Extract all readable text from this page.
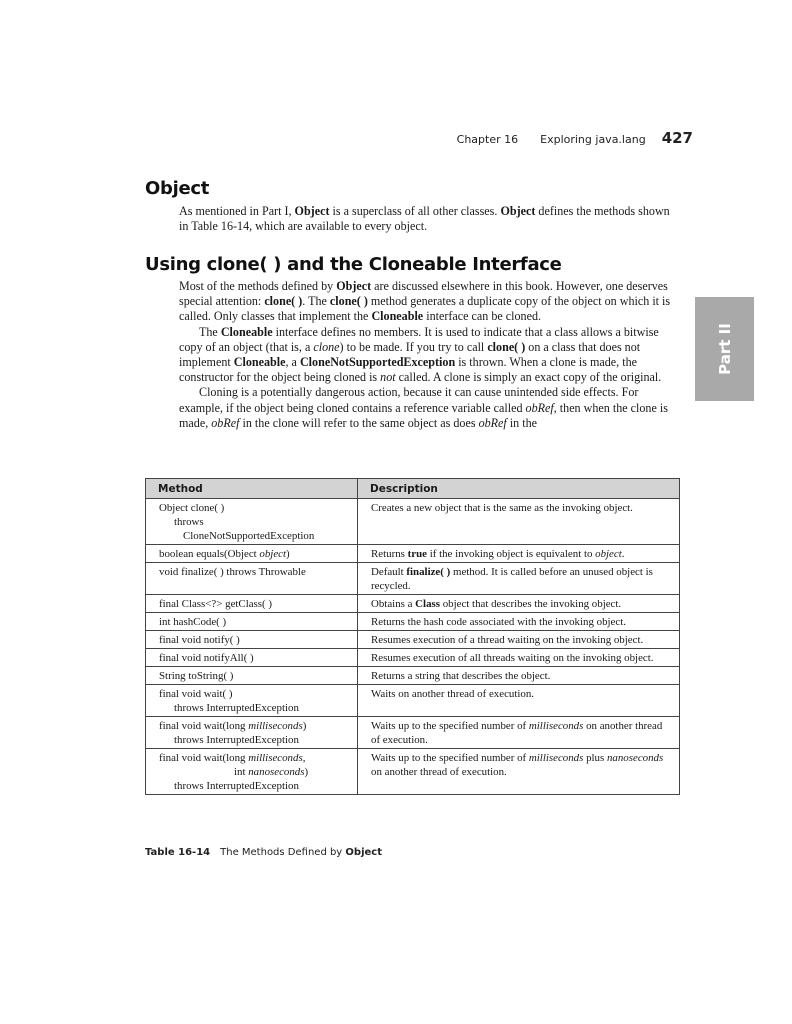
Chapter 16 Exploring java.lang 427
Part II
Object

As mentioned in Part I, Object is a superclass of all other classes. Object defines the methods shown in Table 16-14, which are available to every object.

Using clone( ) and the Cloneable Interface
Most of the methods defined by Object are discussed elsewhere in this book. However, one deserves special attention: clone( ). The clone( ) method generates a duplicate copy of the object on which it is called. Only classes that implement the Cloneable interface can be cloned.
The Cloneable interface defines no members. It is used to indicate that a class allows a bitwise copy of an object (that is, a clone) to be made. If you try to call clone( ) on a class that does not implement Cloneable, a CloneNotSupportedException is thrown. When a clone is made, the constructor for the object being cloned is not called. A clone is simply an exact copy of the original.
Cloning is a potentially dangerous action, because it can cause unintended side effects. For example, if the object being cloned contains a reference variable called obRef, then when the clone is made, obRef in the clone will refer to the same object as does obRef in the
Method	Description

Object clone( )
throws
CloneNotSupportedException	Creates a new object that is the same as the invoking object.
boolean equals(Object object)	Returns true if the invoking object is equivalent to object.
void finalize( ) throws Throwable	Default finalize( ) method. It is called before an unused object is recycled.
final Class<?> getClass( )	Obtains a Class object that describes the invoking object.
int hashCode( )	Returns the hash code associated with the invoking object.
final void notify( )	Resumes execution of a thread waiting on the invoking object.
final void notifyAll( )	Resumes execution of all threads waiting on the invoking object.
String toString( )	Returns a string that describes the object.

final void wait( )
throws InterruptedException	Waits on another thread of execution.

final void wait(long milliseconds)
throws InterruptedException	Waits up to the specified number of milliseconds on another thread of execution.

final void wait(long milliseconds,
int nanoseconds)
throws InterruptedException	Waits up to the specified number of milliseconds plus nanoseconds on another thread of execution.
Table 16-14 The Methods Defined by Object
